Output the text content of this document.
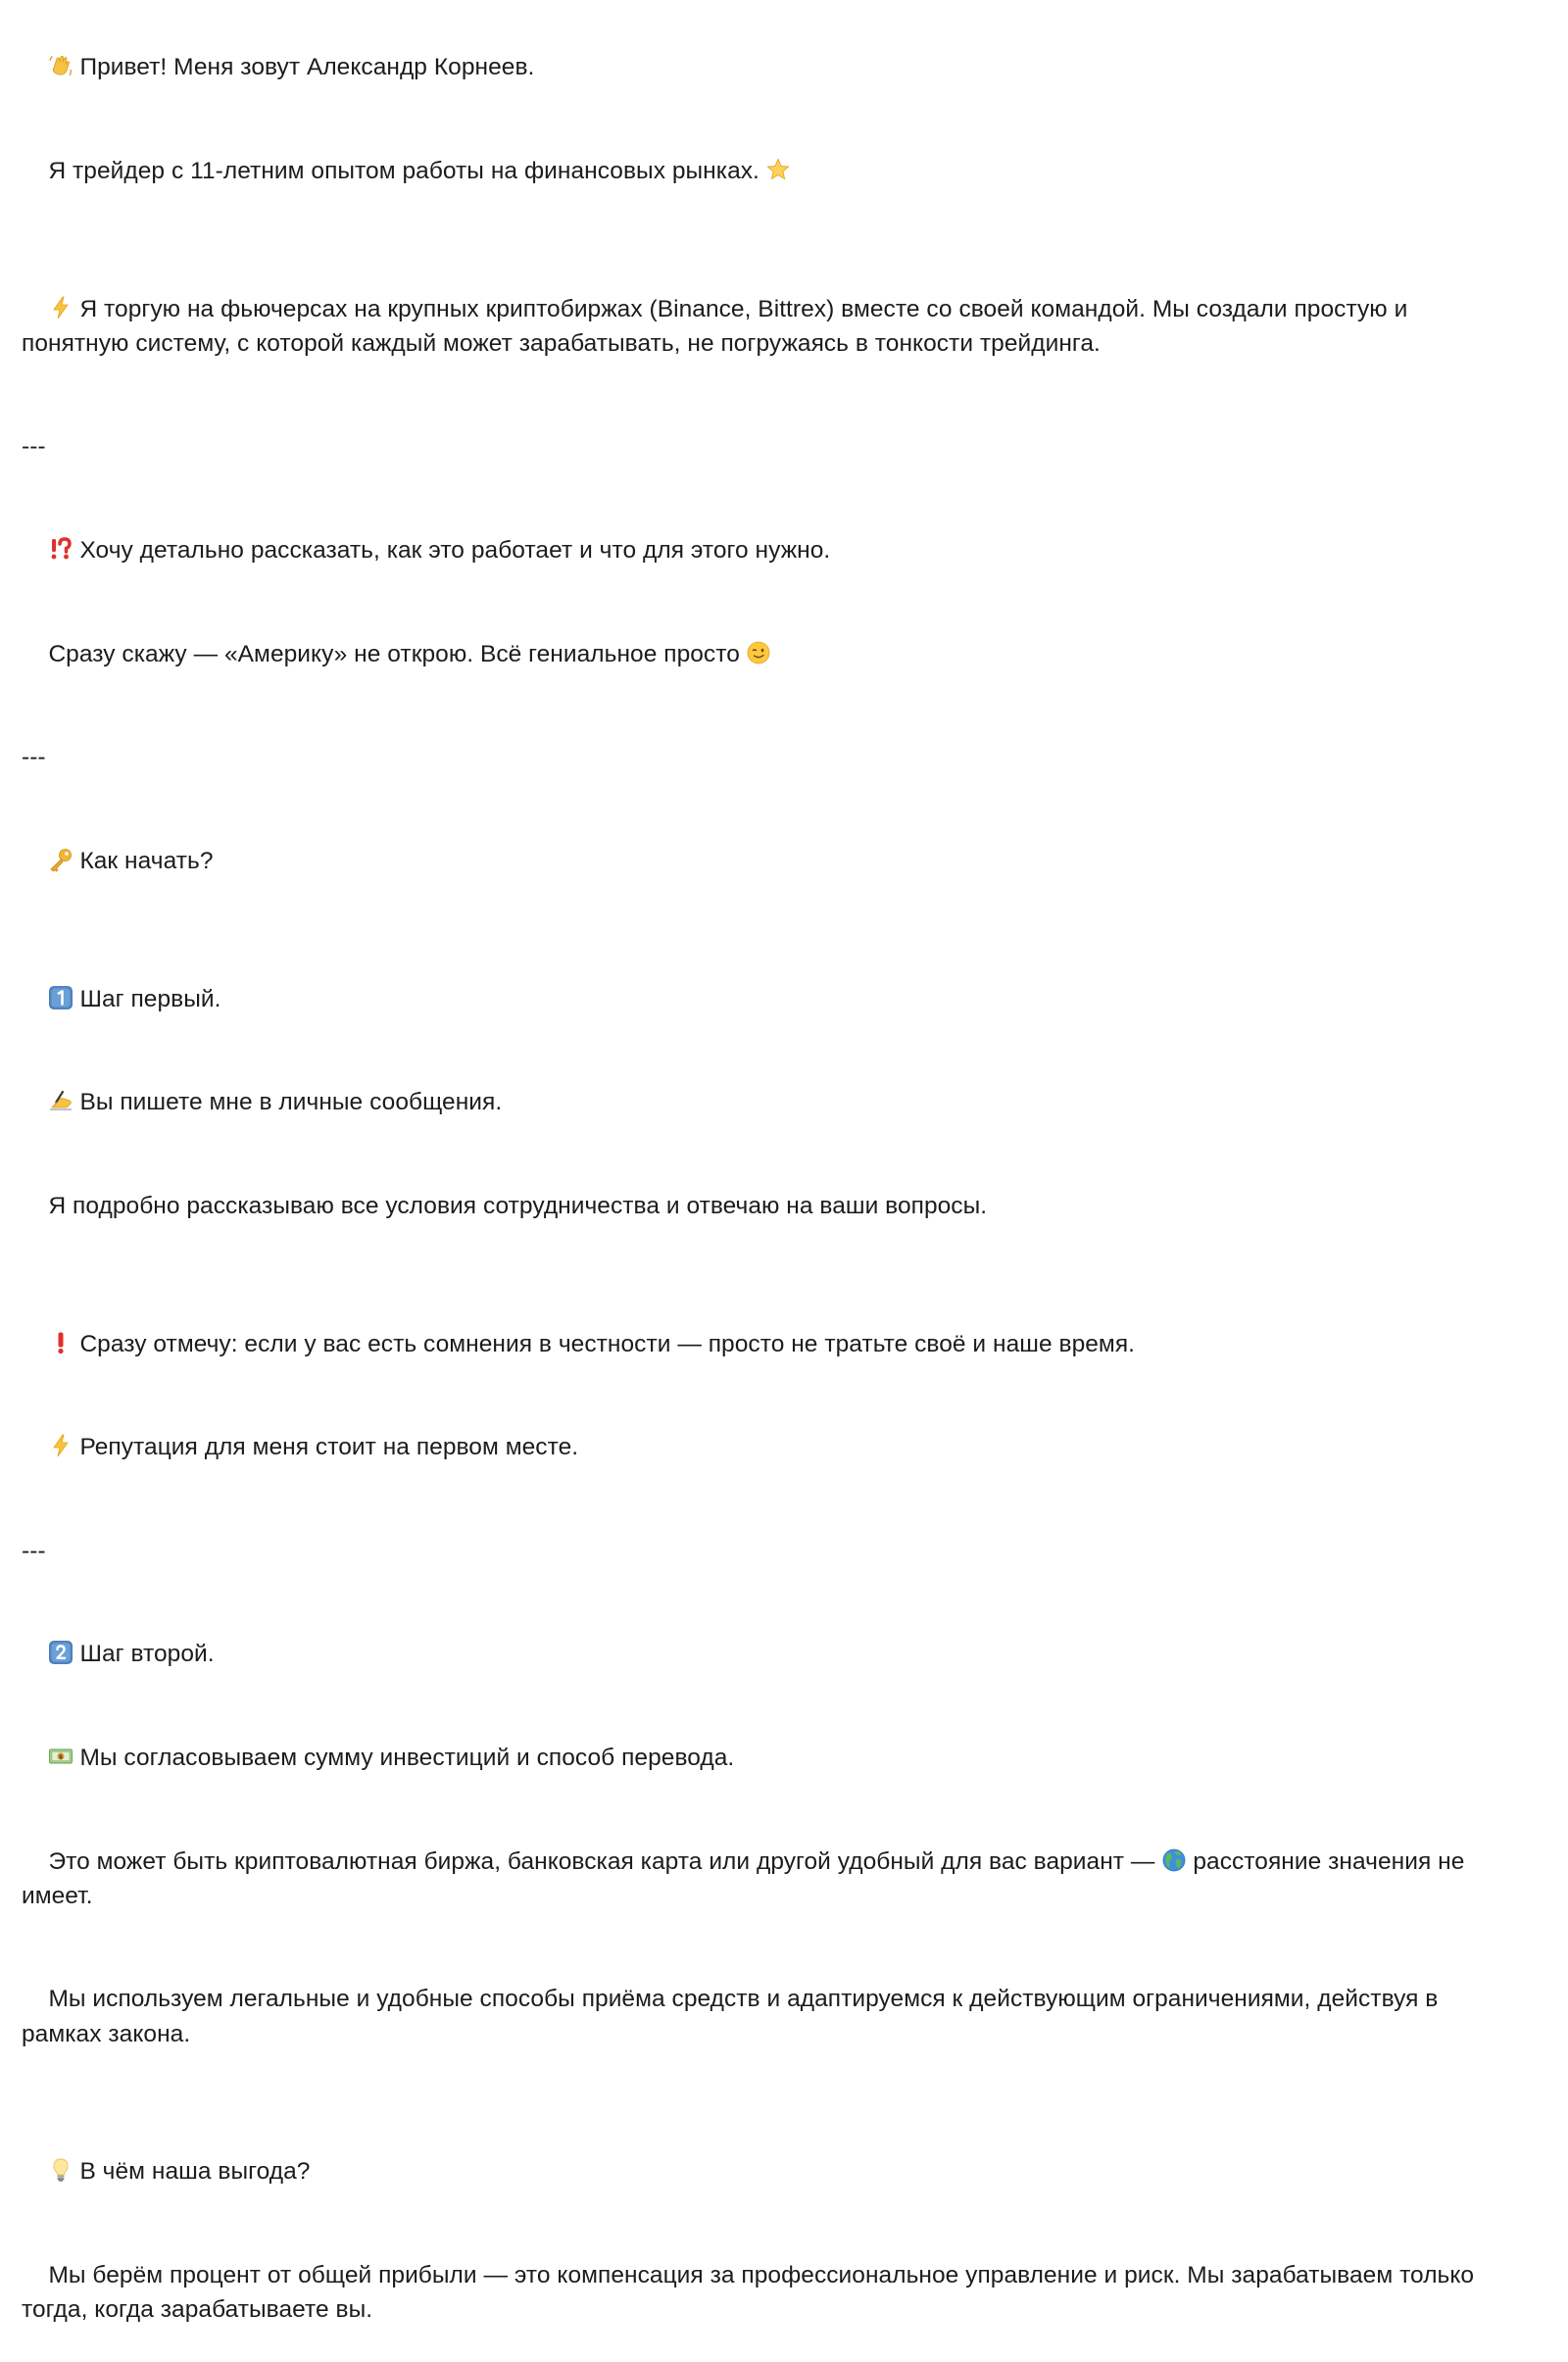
Привет! Меня зовут Александр Корнеев.

Я трейдер с 11-летним опытом работы на финансовых рынках.

Я торгую на фьючерсах на крупных криптобиржах (Binance, Bittrex) вместе со своей командой. Мы создали простую и понятную систему, с которой каждый может зарабатывать, не погружаясь в тонкости трейдинга.

---

Хочу детально рассказать, как это работает и что для этого нужно.

Сразу скажу — «Америку» не открою. Всё гениальное просто

---

Как начать?

Шаг первый.

Вы пишете мне в личные сообщения.

Я подробно рассказываю все условия сотрудничества и отвечаю на ваши вопросы.

Сразу отмечу: если у вас есть сомнения в честности — просто не тратьте своё и наше время.

Репутация для меня стоит на первом месте.

---

Шаг второй.

$ Мы согласовываем сумму инвестиций и способ перевода.

Это может быть криптовалютная биржа, банковская карта или другой удобный для вас вариант — расстояние значения не имеет.

Мы используем легальные и удобные способы приёма средств и адаптируемся к действующим ограничениями, действуя в рамках закона.

В чём наша выгода?

Мы берём процент от общей прибыли — это компенсация за профессиональное управление и риск. Мы зарабатываем только тогда, когда зарабатываете вы.
